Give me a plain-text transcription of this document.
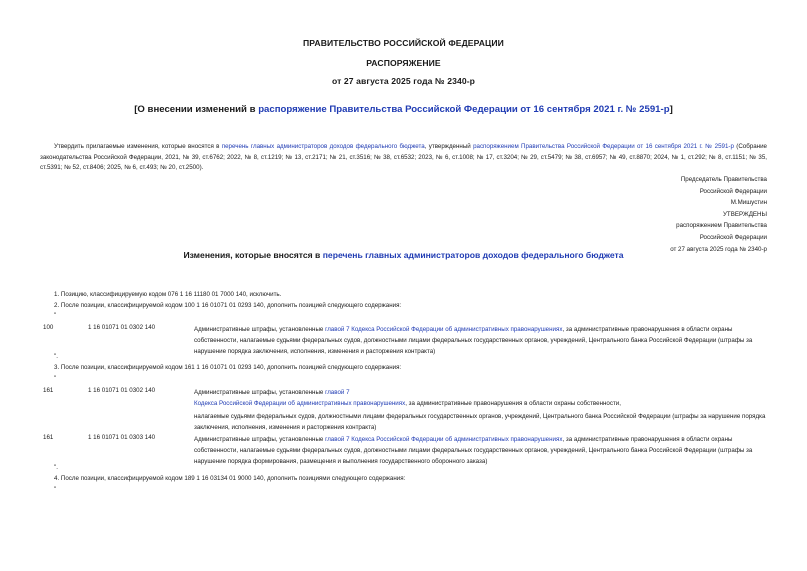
ПРАВИТЕЛЬСТВО РОССИЙСКОЙ ФЕДЕРАЦИИ
РАСПОРЯЖЕНИЕ
от 27 августа 2025 года № 2340-р
[О внесении изменений в распоряжение Правительства Российской Федерации от 16 сентября 2021 г. № 2591-р]
Утвердить прилагаемые изменения, которые вносятся в перечень главных администраторов доходов федерального бюджета, утвержденный распоряжением Правительства Российской Федерации от 16 сентября 2021 г. № 2591-р (Собрание законодательства Российской Федерации, 2021, № 39, ст.6762; 2022, № 8, ст.1219; № 13, ст.2171; № 21, ст.3516; № 38, ст.6532; 2023, № 6, ст.1008; № 17, ст.3204; № 29, ст.5479; № 38, ст.6957; № 49, ст.8870; 2024, № 1, ст.292; № 8, ст.1151; № 35, ст.5391; № 52, ст.8406; 2025, № 6, ст.493; № 20, ст.2500).
Председатель Правительства
Российской Федерации
М.Мишустин
УТВЕРЖДЕНЫ
распоряжением Правительства
Российской Федерации
от 27 августа 2025 года № 2340-р
Изменения, которые вносятся в перечень главных администраторов доходов федерального бюджета
1. Позицию, классифицируемую кодом 076 1 16 11180 01 7000 140, исключить.
2. После позиции, классифицируемой кодом 100 1 16 01071 01 0293 140, дополнить позицией следующего содержания:
"
100	1 16 01071 01 0302 140	Административные штрафы, установленные главой 7 Кодекса Российской Федерации об административных правонарушениях, за административные правонарушения в области охраны собственности, налагаемые судьями федеральных судов, должностными лицами федеральных государственных органов, учреждений, Центрального банка Российской Федерации (штрафы за нарушение порядка заключения, исполнения, изменения и расторжения контракта)
".
3. После позиции, классифицируемой кодом 161 1 16 01071 01 0293 140, дополнить позицией следующего содержания:
"
161	1 16 01071 01 0302 140	Административные штрафы, установленные главой 7
Кодекса Российской Федерации об административных правонарушениях, за административные правонарушения в области охраны собственности,

налагаемые судьями федеральных судов, должностными лицами федеральных государственных органов, учреждений, Центрального банка Российской Федерации (штрафы за нарушение порядка заключения, исполнения, изменения и расторжения контракта)
161	1 16 01071 01 0303 140	Административные штрафы, установленные главой 7 Кодекса Российской Федерации об административных правонарушениях, за административные правонарушения в области охраны собственности, налагаемые судьями федеральных судов, должностными лицами федеральных государственных органов, учреждений, Центрального банка Российской Федерации (штрафы за нарушение порядка формирования, размещения и выполнения государственного оборонного заказа)
".
4. После позиции, классифицируемой кодом 189 1 16 03134 01 9000 140, дополнить позициями следующего содержания:
"
